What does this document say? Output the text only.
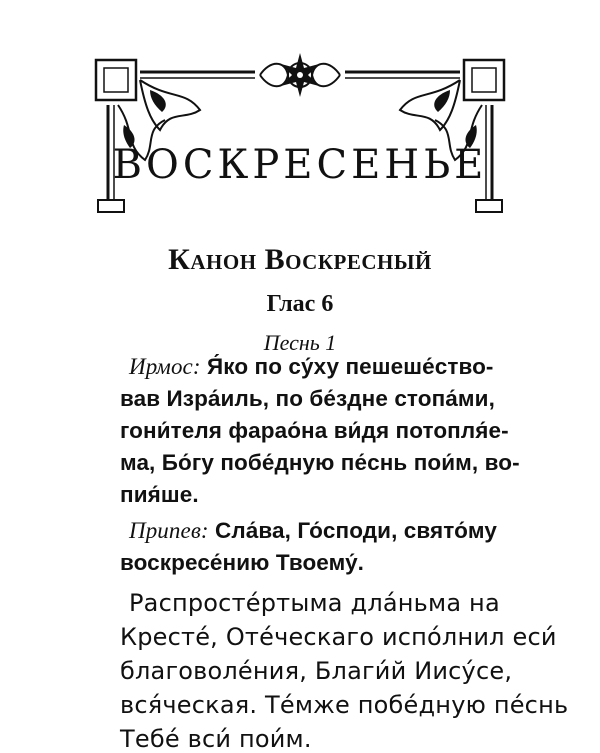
ВОСКРЕСЕНЬЕ
Канон Воскресный
Глас 6
Песнь 1
Ирмос: Я́ко по су́ху пешеше́ство-
вав Изра́иль, по бе́здне стопа́ми,
гони́теля фарао́на ви́дя потопля́е-
ма, Бо́гу побе́дную пе́снь пои́м, во-
пия́ше.
Припев: Сла́ва, Го́споди, свято́му
воскресе́нию Твоему́.
Распросте́ртыма дла́ньма на
Кресте́, Оте́ческаго испо́лнил еси́
благоволе́ния, Благи́й Иису́се,
вся́ческая. Те́мже побе́дную пе́снь
Тебе́ вси́ пои́м.
